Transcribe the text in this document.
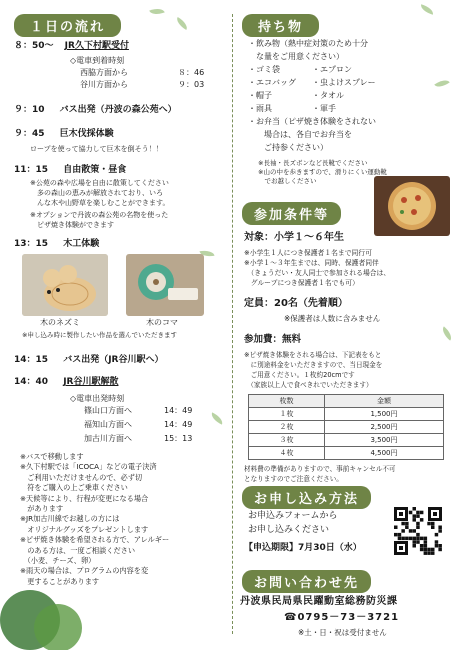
１日の流れ
８：50～ JR久下村駅受付
◇電車到着時刻
西脇方面から	８：46
谷川方面から	９：03
９：10 バス出発（丹波の森公苑へ）
９：45 巨木伐採体験
ロープを使って協力して巨木を倒そう！！
11：15 自由散策・昼食
※公苑の森や広場を自由に散策してください
　多の森山の恵みが解放されており、いろ
　んな木や山野草を楽しむことができます。
※オプションで丹波の森公苑の名物を使った
　ピザ焼き体験ができます
13：15 木工体験
木のネズミ	木のコマ
※申し込み時に製作したい作品を選んでいただきます
14：15 バス出発（JR谷川駅へ）
14：40 JR谷川駅解散
◇電車出発時刻
篠山口方面へ	14：49
福知山方面へ	14：49
加古川方面へ	15：13
※バスで移動します
※久下村駅では「ICOCA」などの電子決済
　ご利用いただけませんので、必ず切
　符をご購入の上ご乗車ください
※天候等により、行程が変更になる場合
　があります
※JR加古川線でお越しの方には
　オリジナルグッズをプレゼントします
※ピザ焼き体験を希望される方で、アレルギー
　のある方は、一度ご相談ください
　（小麦、チーズ、卵）
※雨天の場合は、プログラムの内容を変
　更することがあります
持ち物
・飲み物（熱中症対策のため十分
　な量をご用意ください）
・ゴミ袋　　　　・エプロン
・エコバッグ　　・虫よけスプレー
・帽子　　　　　・タオル
・雨具　　　　　・軍手
・お弁当（ピザ焼き体験をされない
　　場合は、各自でお弁当を
　　ご持参ください）
※長袖・長ズボンなど長靴でください
※山の中を歩きますので、滑りにくい運動靴
　でお越しください
参加条件等
対象：小学１～６年生
※小学生１人につき保護者１名まで同行可
※小学１～３年生までは、同時、保護者同伴
　（きょうだい・友人同士で参加される場合は、
　グループにつき保護者１名でも可）
定員：20名（先着順）
※保護者は人数に含みません
参加費：無料
※ピザ焼き体験をされる場合は、下記表をもと
　に別途料金をいただきますので、当日現金を
　ご用意ください。１枚約20cmです
　（家族以上人で食べきれでいただきます）
枚数	金額
１枚	1,500円
２枚	2,500円
３枚	3,500円
４枚	4,500円
材料費の準備がありますので、事前キャンセル不可
となりますのでご注意ください。
お申し込み方法
お申込みフォームから
お申し込みください
【申込期限】7月30日（水）
お問い合わせ先
丹波県民局県民躍動室総務防災課
☎0795－73－3721
※土・日・祝は受付ません
